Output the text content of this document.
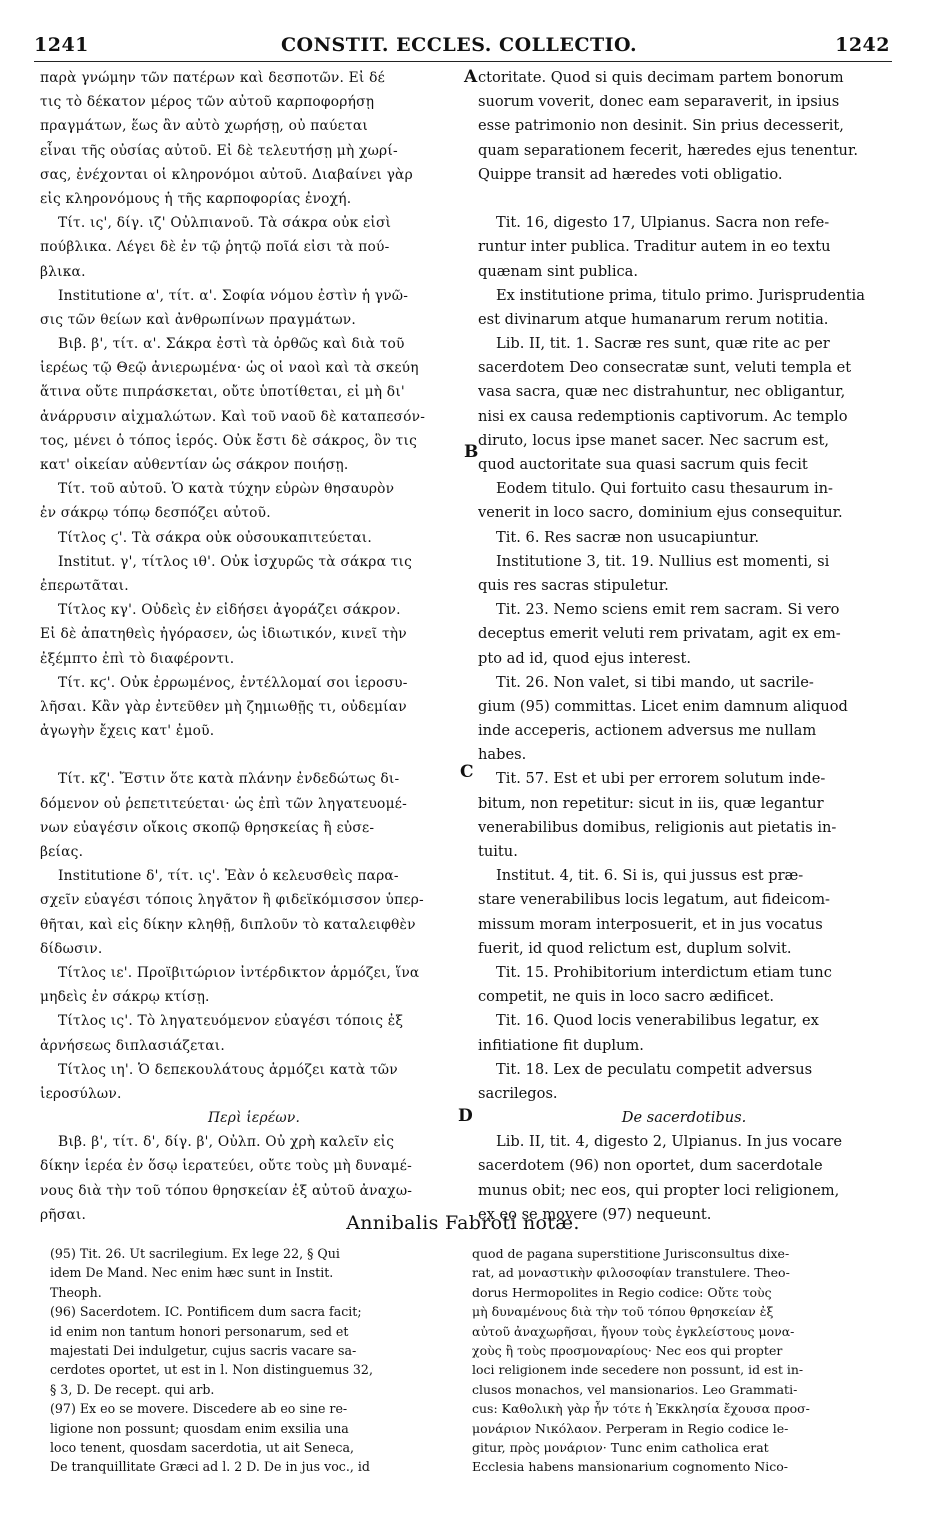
1241	CONSTIT. ECCLES. COLLECTIO.	1242
παρὰ γνώμην τῶν πατέρων καὶ δεσποτῶν. Εἰ δέ
τις τὸ δέκατον μέρος τῶν αὐτοῦ καρποφορήσῃ
πραγμάτων, ἕως ἂν αὐτὸ χωρήσῃ, οὐ παύεται
εἶναι τῆς οὐσίας αὐτοῦ. Εἰ δὲ τελευτήσῃ μὴ χωρί-
σας, ἐνέχονται οἱ κληρονόμοι αὐτοῦ. Διαβαίνει γὰρ
εἰς κληρονόμους ἡ τῆς καρποφορίας ἐνοχή.
Τίτ. ις', δίγ. ιζ' Οὐλπιανοῦ. Τὰ σάκρα οὐκ εἰσὶ
πούβλικα. Λέγει δὲ ἐν τῷ ῥητῷ ποῖά εἰσι τὰ πού-
βλικα.
Institutione α', τίτ. α'. Σοφία νόμου ἐστὶν ἡ γνῶ-
σις τῶν θείων καὶ ἀνθρωπίνων πραγμάτων.
Βιβ. β', τίτ. α'. Σάκρα ἐστὶ τὰ ὀρθῶς καὶ διὰ τοῦ
ἱερέως τῷ Θεῷ ἀνιερωμένα· ὡς οἱ ναοὶ καὶ τὰ σκεύη
ἅτινα οὔτε πιπράσκεται, οὔτε ὑποτίθεται, εἰ μὴ δι'
ἀνάρρυσιν αἰχμαλώτων. Καὶ τοῦ ναοῦ δὲ καταπεσόν-
τος, μένει ὁ τόπος ἱερός. Οὐκ ἔστι δὲ σάκρος, ὃν τις
κατ' οἰκείαν αὐθεντίαν ὡς σάκρον ποιήσῃ.
Τίτ. τοῦ αὐτοῦ. Ὁ κατὰ τύχην εὑρὼν θησαυρὸν
ἐν σάκρῳ τόπῳ δεσπόζει αὐτοῦ.
Τίτλος ϛ'. Τὰ σάκρα οὐκ οὐσουκαπιτεύεται.
Institut. γ', τίτλος ιθ'. Οὐκ ἰσχυρῶς τὰ σάκρα τις
ἐπερωτᾶται.
Τίτλος κγ'. Οὐδεὶς ἐν εἰδήσει ἀγοράζει σάκρον.
Εἰ δὲ ἀπατηθεὶς ἠγόρασεν, ὡς ἰδιωτικόν, κινεῖ τὴν
ἐξέμπτο ἐπὶ τὸ διαφέροντι.
Τίτ. κϛ'. Οὐκ ἐρρωμένος, ἐντέλλομαί σοι ἱεροσυ-
λῆσαι. Κἂν γὰρ ἐντεῦθεν μὴ ζημιωθῇς τι, οὐδεμίαν
ἀγωγὴν ἔχεις κατ' ἐμοῦ.
Τίτ. κζ'. Ἔστιν ὅτε κατὰ πλάνην ἐνδεδώτως δι-
δόμενον οὐ ῥεπετιτεύεται· ὡς ἐπὶ τῶν ληγατευομέ-
νων εὐαγέσιν οἴκοις σκοπῷ θρησκείας ἢ εὐσε-
βείας.
Institutione δ', τίτ. ις'. Ἐὰν ὁ κελευσθεὶς παρα-
σχεῖν εὐαγέσι τόποις ληγᾶτον ἢ φιδεϊκόμισσον ὑπερ-
θῆται, καὶ εἰς δίκην κληθῇ, διπλοῦν τὸ καταλειφθὲν
δίδωσιν.
Τίτλος ιε'. Προϊβιτώριον ἰντέρδικτον ἁρμόζει, ἵνα
μηδεὶς ἐν σάκρῳ κτίσῃ.
Τίτλος ις'. Τὸ ληγατευόμενον εὐαγέσι τόποις ἐξ
ἀρνήσεως διπλασιάζεται.
Τίτλος ιη'. Ὁ δεπεκουλάτους ἁρμόζει κατὰ τῶν
ἱεροσύλων.
Περὶ ἱερέων.
Βιβ. β', τίτ. δ', δίγ. β', Οὐλπ. Οὐ χρὴ καλεῖν εἰς
δίκην ἱερέα ἐν ὅσῳ ἱερατεύει, οὔτε τοὺς μὴ δυναμέ-
νους διὰ τὴν τοῦ τόπου θρησκείαν ἐξ αὐτοῦ ἀναχω-
ρῆσαι.
ctoritate. Quod si quis decimam partem bonorum
suorum voverit, donec eam separaverit, in ipsius
esse patrimonio non desinit. Sin prius decesserit,
quam separationem fecerit, hæredes ejus tenentur.
Quippe transit ad hæredes voti obligatio.
Tit. 16, digesto 17, Ulpianus. Sacra non refe-
runtur inter publica. Traditur autem in eo textu
quænam sint publica.
Ex institutione prima, titulo primo. Jurisprudentia
est divinarum atque humanarum rerum notitia.
Lib. II, tit. 1. Sacræ res sunt, quæ rite ac per
sacerdotem Deo consecratæ sunt, veluti templa et
vasa sacra, quæ nec distrahuntur, nec obligantur,
nisi ex causa redemptionis captivorum. Ac templo
diruto, locus ipse manet sacer. Nec sacrum est,
quod auctoritate sua quasi sacrum quis fecit
Eodem titulo. Qui fortuito casu thesaurum in-
venerit in loco sacro, dominium ejus consequitur.
Tit. 6. Res sacræ non usucapiuntur.
Institutione 3, tit. 19. Nullius est momenti, si
quis res sacras stipuletur.
Tit. 23. Nemo sciens emit rem sacram. Si vero
deceptus emerit veluti rem privatam, agit ex em-
pto ad id, quod ejus interest.
Tit. 26. Non valet, si tibi mando, ut sacrile-
gium (95) committas. Licet enim damnum aliquod
inde acceperis, actionem adversus me nullam
habes.
Tit. 57. Est et ubi per errorem solutum inde-
bitum, non repetitur: sicut in iis, quæ legantur
venerabilibus domibus, religionis aut pietatis in-
tuitu.
Institut. 4, tit. 6. Si is, qui jussus est præ-
stare venerabilibus locis legatum, aut fideicom-
missum moram interposuerit, et in jus vocatus
fuerit, id quod relictum est, duplum solvit.
Tit. 15. Prohibitorium interdictum etiam tunc
competit, ne quis in loco sacro ædificet.
Tit. 16. Quod locis venerabilibus legatur, ex
infitiatione fit duplum.
Tit. 18. Lex de peculatu competit adversus
sacrilegos.
De sacerdotibus.
Lib. II, tit. 4, digesto 2, Ulpianus. In jus vocare
sacerdotem (96) non oportet, dum sacerdotale
munus obit; nec eos, qui propter loci religionem,
ex eo se movere (97) nequeunt.
A
B
C
D
Annibalis Fabroti notæ.
(95) Tit. 26. Ut sacrilegium. Ex lege 22, § Qui
idem De Mand. Nec enim hæc sunt in Instit.
Theoph.
(96) Sacerdotem. IC. Pontificem dum sacra facit;
id enim non tantum honori personarum, sed et
majestati Dei indulgetur, cujus sacris vacare sa-
cerdotes oportet, ut est in l. Non distinguemus 32,
§ 3, D. De recept. qui arb.
(97) Ex eo se movere. Discedere ab eo sine re-
ligione non possunt; quosdam enim exsilia una
loco tenent, quosdam sacerdotia, ut ait Seneca,
De tranquillitate Græci ad l. 2 D. De in jus voc., id
quod de pagana superstitione Jurisconsultus dixe-
rat, ad μοναστικὴν φιλοσοφίαν transtulere. Theo-
dorus Hermopolites in Regio codice: Οὔτε τοὺς
μὴ δυναμένους διὰ τὴν τοῦ τόπου θρησκείαν ἐξ
αὐτοῦ ἀναχωρῆσαι, ἤγουν τοὺς ἐγκλείστους μονα-
χοὺς ἢ τοὺς προσμοναρίους· Nec eos qui propter
loci religionem inde secedere non possunt, id est in-
clusos monachos, vel mansionarios. Leo Grammati-
cus: Καθολικὴ γὰρ ἦν τότε ἡ Ἐκκλησία ἔχουσα προσ-
μονάριον Νικόλαον. Perperam in Regio codice le-
gitur, πρὸς μονάριον· Tunc enim catholica erat
Ecclesia habens mansionarium cognomento Nico-
